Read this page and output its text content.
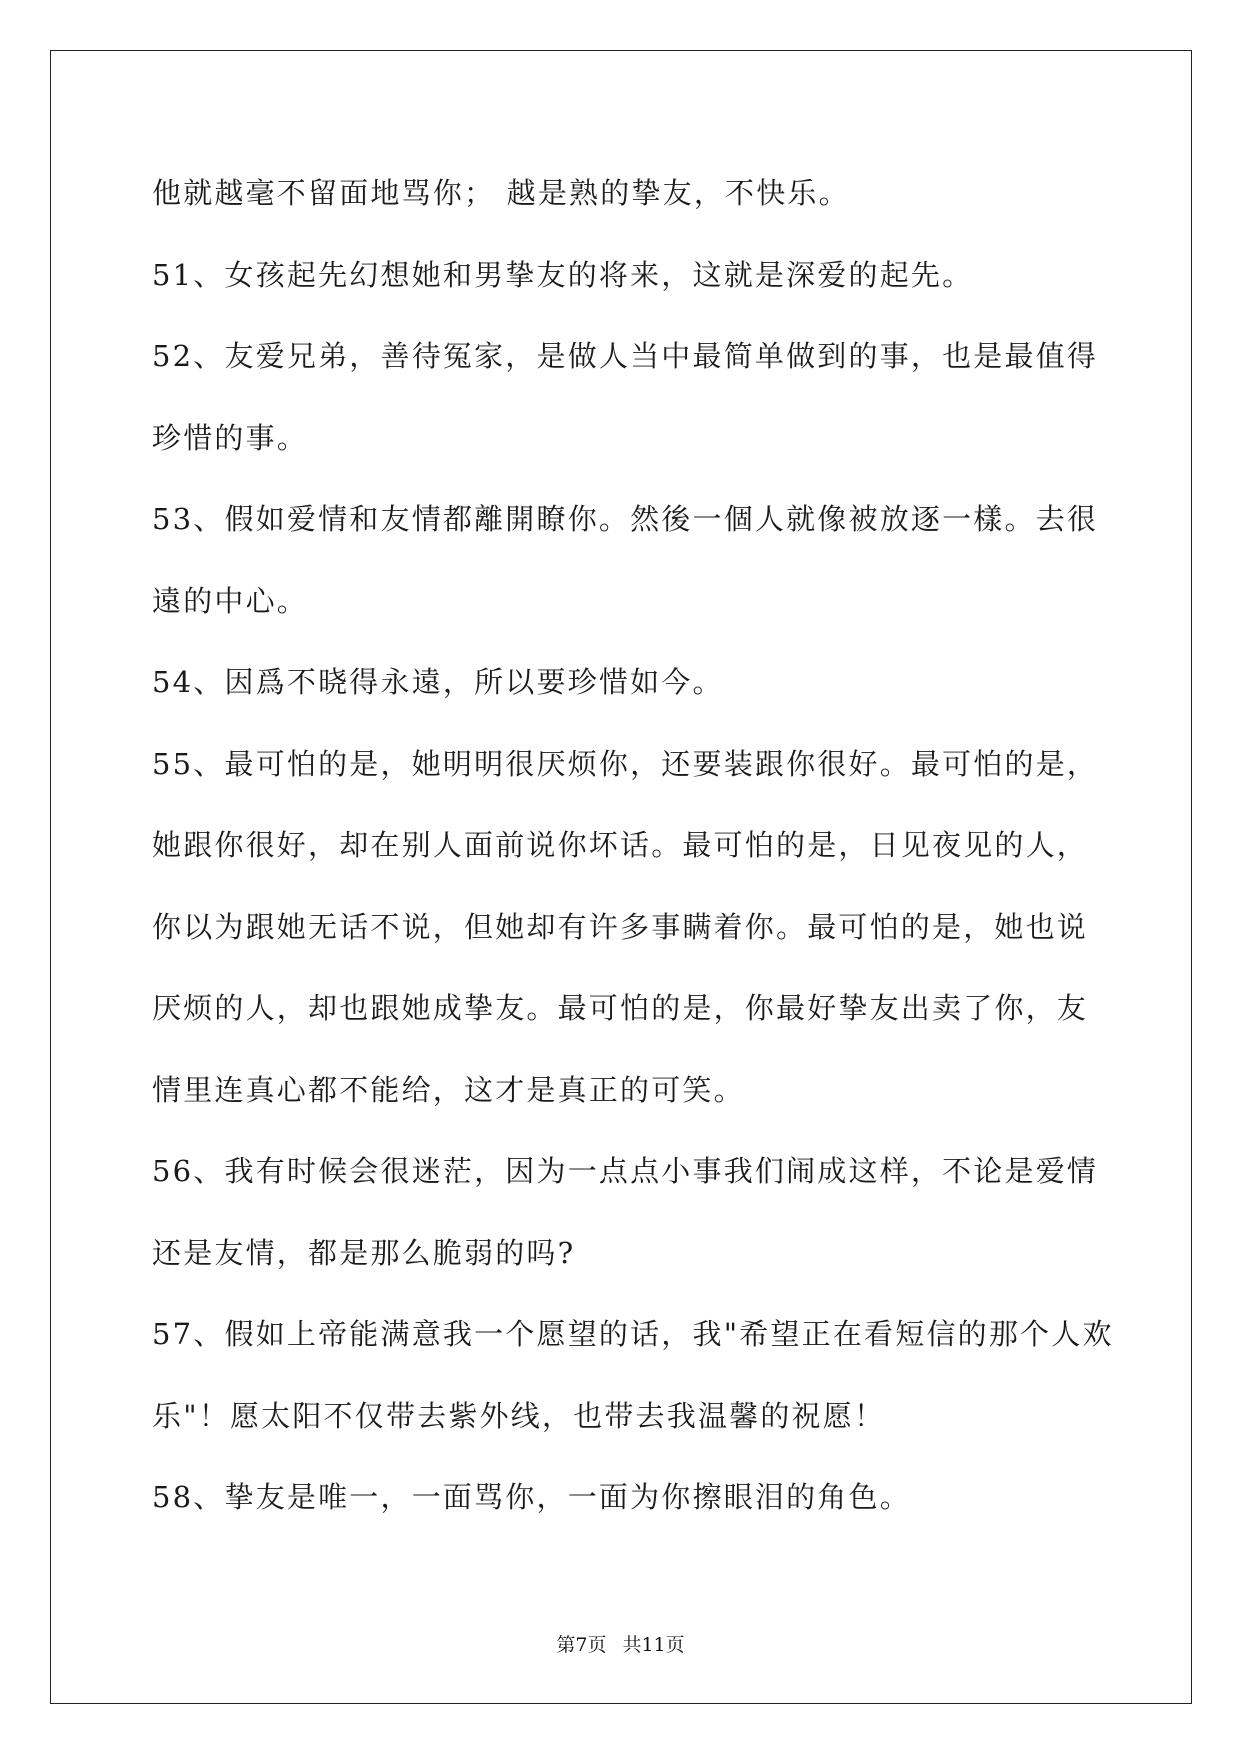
他就越毫不留面地骂你； 越是熟的挚友，不快乐。
51、女孩起先幻想她和男挚友的将来，这就是深爱的起先。
52、友爱兄弟，善待冤家，是做人当中最简单做到的事，也是最值得
珍惜的事。
53、假如爱情和友情都離開瞭你。然後一個人就像被放逐一樣。去很
遠的中心。
54、因爲不晓得永遠，所以要珍惜如今。
55、最可怕的是，她明明很厌烦你，还要装跟你很好。最可怕的是，
她跟你很好，却在别人面前说你坏话。最可怕的是，日见夜见的人，
你以为跟她无话不说，但她却有许多事瞒着你。最可怕的是，她也说
厌烦的人，却也跟她成挚友。最可怕的是，你最好挚友出卖了你，友
情里连真心都不能给，这才是真正的可笑。
56、我有时候会很迷茫，因为一点点小事我们闹成这样，不论是爱情
还是友情，都是那么脆弱的吗?
57、假如上帝能满意我一个愿望的话，我"希望正在看短信的那个人欢
乐"！愿太阳不仅带去紫外线，也带去我温馨的祝愿！
58、挚友是唯一，一面骂你，一面为你擦眼泪的角色。
第7页 共11页
